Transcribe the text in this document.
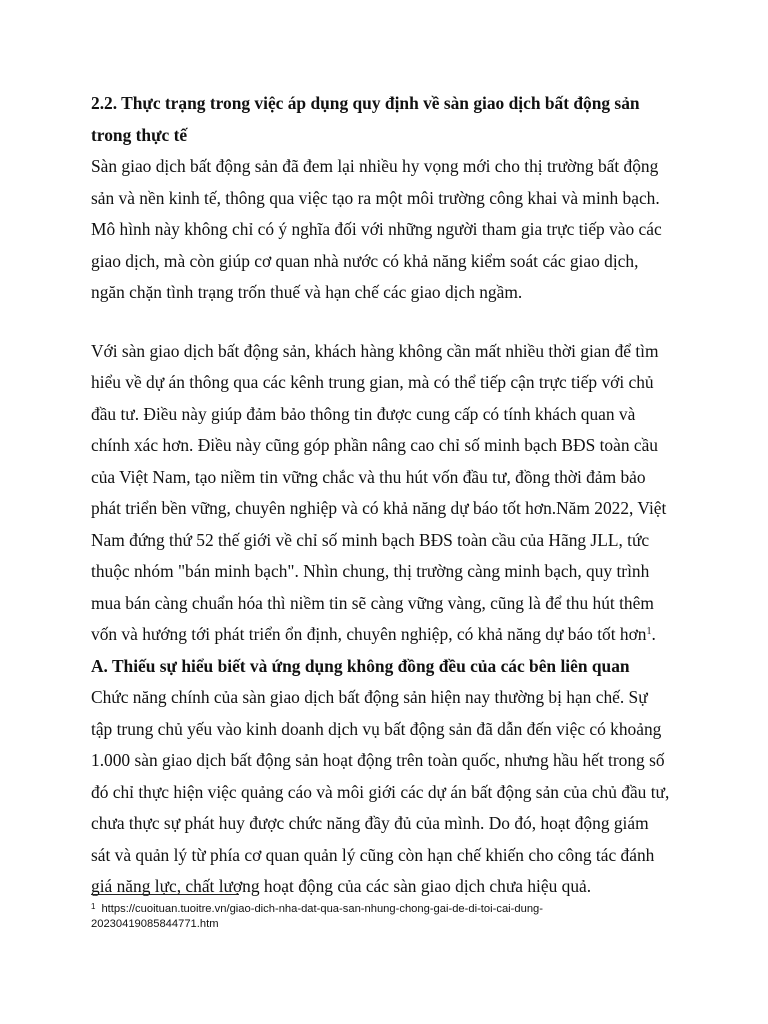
2.2. Thực trạng trong việc áp dụng quy định về sàn giao dịch bất động sản
trong thực tế
Sàn giao dịch bất động sản đã đem lại nhiều hy vọng mới cho thị trường bất động
sản và nền kinh tế, thông qua việc tạo ra một môi trường công khai và minh bạch.
Mô hình này không chỉ có ý nghĩa đối với những người tham gia trực tiếp vào các
giao dịch, mà còn giúp cơ quan nhà nước có khả năng kiểm soát các giao dịch,
ngăn chặn tình trạng trốn thuế và hạn chế các giao dịch ngầm.
Với sàn giao dịch bất động sản, khách hàng không cần mất nhiều thời gian để tìm
hiểu về dự án thông qua các kênh trung gian, mà có thể tiếp cận trực tiếp với chủ
đầu tư. Điều này giúp đảm bảo thông tin được cung cấp có tính khách quan và
chính xác hơn. Điều này cũng góp phần nâng cao chỉ số minh bạch BĐS toàn cầu
của Việt Nam, tạo niềm tin vững chắc và thu hút vốn đầu tư, đồng thời đảm bảo
phát triển bền vững, chuyên nghiệp và có khả năng dự báo tốt hơn.Năm 2022, Việt
Nam đứng thứ 52 thế giới về chỉ số minh bạch BĐS toàn cầu của Hãng JLL, tức
thuộc nhóm "bán minh bạch". Nhìn chung, thị trường càng minh bạch, quy trình
mua bán càng chuẩn hóa thì niềm tin sẽ càng vững vàng, cũng là để thu hút thêm
vốn và hướng tới phát triển ổn định, chuyên nghiệp, có khả năng dự báo tốt hơn$^1$.
A. Thiếu sự hiểu biết và ứng dụng không đồng đều của các bên liên quan
Chức năng chính của sàn giao dịch bất động sản hiện nay thường bị hạn chế. Sự
tập trung chủ yếu vào kinh doanh dịch vụ bất động sản đã dẫn đến việc có khoảng
1.000 sàn giao dịch bất động sản hoạt động trên toàn quốc, nhưng hầu hết trong số
đó chỉ thực hiện việc quảng cáo và môi giới các dự án bất động sản của chủ đầu tư,
chưa thực sự phát huy được chức năng đầy đủ của mình. Do đó, hoạt động giám
sát và quản lý từ phía cơ quan quản lý cũng còn hạn chế khiến cho công tác đánh
giá năng lực, chất lượng hoạt động của các sàn giao dịch chưa hiệu quả.
$^1$ https://cuoituan.tuoitre.vn/giao-dich-nha-dat-qua-san-nhung-chong-gai-de-di-toi-cai-dung-
20230419085844771.htm
